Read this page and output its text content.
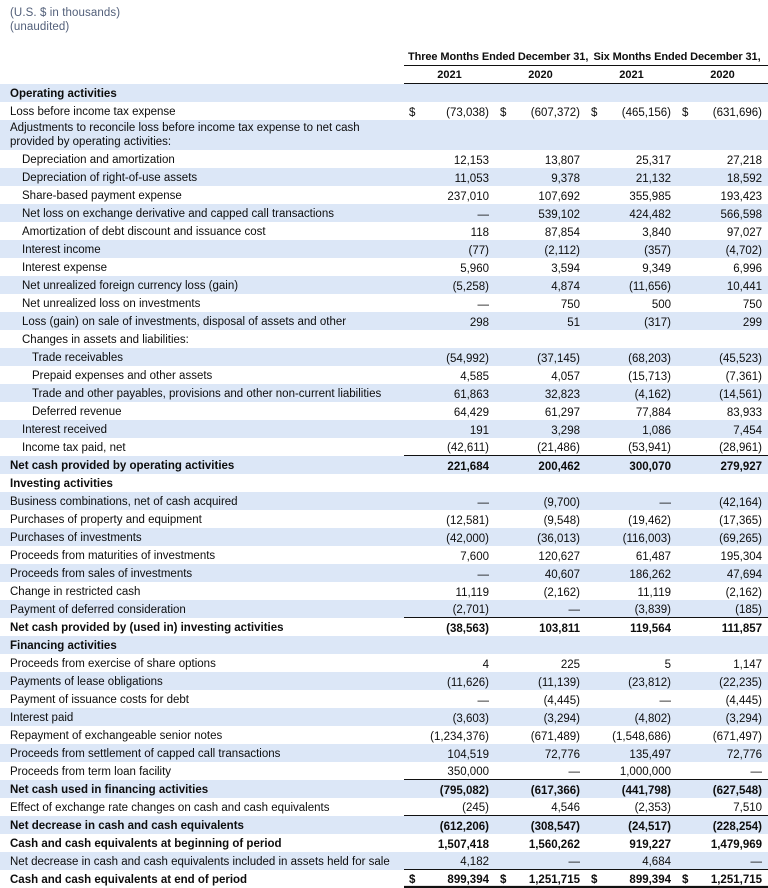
(U.S. $ in thousands)
(unaudited)
	Three Months Ended December 31,		Six Months Ended December 31,	
	2021	2020	2021	2020
Operating activities				
Loss before income tax expense	$ (73,038)	$ (607,372)	$ (465,156)	$ (631,696)
Adjustments to reconcile loss before income tax expense to net cash provided by operating activities:				
Depreciation and amortization	12,153	13,807	25,317	27,218
Depreciation of right-of-use assets	11,053	9,378	21,132	18,592
Share-based payment expense	237,010	107,692	355,985	193,423
Net loss on exchange derivative and capped call transactions	—	539,102	424,482	566,598
Amortization of debt discount and issuance cost	118	87,854	3,840	97,027
Interest income	(77)	(2,112)	(357)	(4,702)
Interest expense	5,960	3,594	9,349	6,996
Net unrealized foreign currency loss (gain)	(5,258)	4,874	(11,656)	10,441
Net unrealized loss on investments	—	750	500	750
Loss (gain) on sale of investments, disposal of assets and other	298	51	(317)	299
Changes in assets and liabilities:				
Trade receivables	(54,992)	(37,145)	(68,203)	(45,523)
Prepaid expenses and other assets	4,585	4,057	(15,713)	(7,361)
Trade and other payables, provisions and other non-current liabilities	61,863	32,823	(4,162)	(14,561)
Deferred revenue	64,429	61,297	77,884	83,933
Interest received	191	3,298	1,086	7,454
Income tax paid, net	(42,611)	(21,486)	(53,941)	(28,961)
Net cash provided by operating activities	221,684	200,462	300,070	279,927
Investing activities				
Business combinations, net of cash acquired	—	(9,700)	—	(42,164)
Purchases of property and equipment	(12,581)	(9,548)	(19,462)	(17,365)
Purchases of investments	(42,000)	(36,013)	(116,003)	(69,265)
Proceeds from maturities of investments	7,600	120,627	61,487	195,304
Proceeds from sales of investments	—	40,607	186,262	47,694
Change in restricted cash	11,119	(2,162)	11,119	(2,162)
Payment of deferred consideration	(2,701)	—	(3,839)	(185)
Net cash provided by (used in) investing activities	(38,563)	103,811	119,564	111,857
Financing activities				
Proceeds from exercise of share options	4	225	5	1,147
Payments of lease obligations	(11,626)	(11,139)	(23,812)	(22,235)
Payment of issuance costs for debt	—	(4,445)	—	(4,445)
Interest paid	(3,603)	(3,294)	(4,802)	(3,294)
Repayment of exchangeable senior notes	(1,234,376)	(671,489)	(1,548,686)	(671,497)
Proceeds from settlement of capped call transactions	104,519	72,776	135,497	72,776
Proceeds from term loan facility	350,000	—	1,000,000	—
Net cash used in financing activities	(795,082)	(617,366)	(441,798)	(627,548)
Effect of exchange rate changes on cash and cash equivalents	(245)	4,546	(2,353)	7,510
Net decrease in cash and cash equivalents	(612,206)	(308,547)	(24,517)	(228,254)
Cash and cash equivalents at beginning of period	1,507,418	1,560,262	919,227	1,479,969
Net decrease in cash and cash equivalents included in assets held for sale	4,182	—	4,684	—
Cash and cash equivalents at end of period	$ 899,394	$ 1,251,715	$ 899,394	$ 1,251,715
